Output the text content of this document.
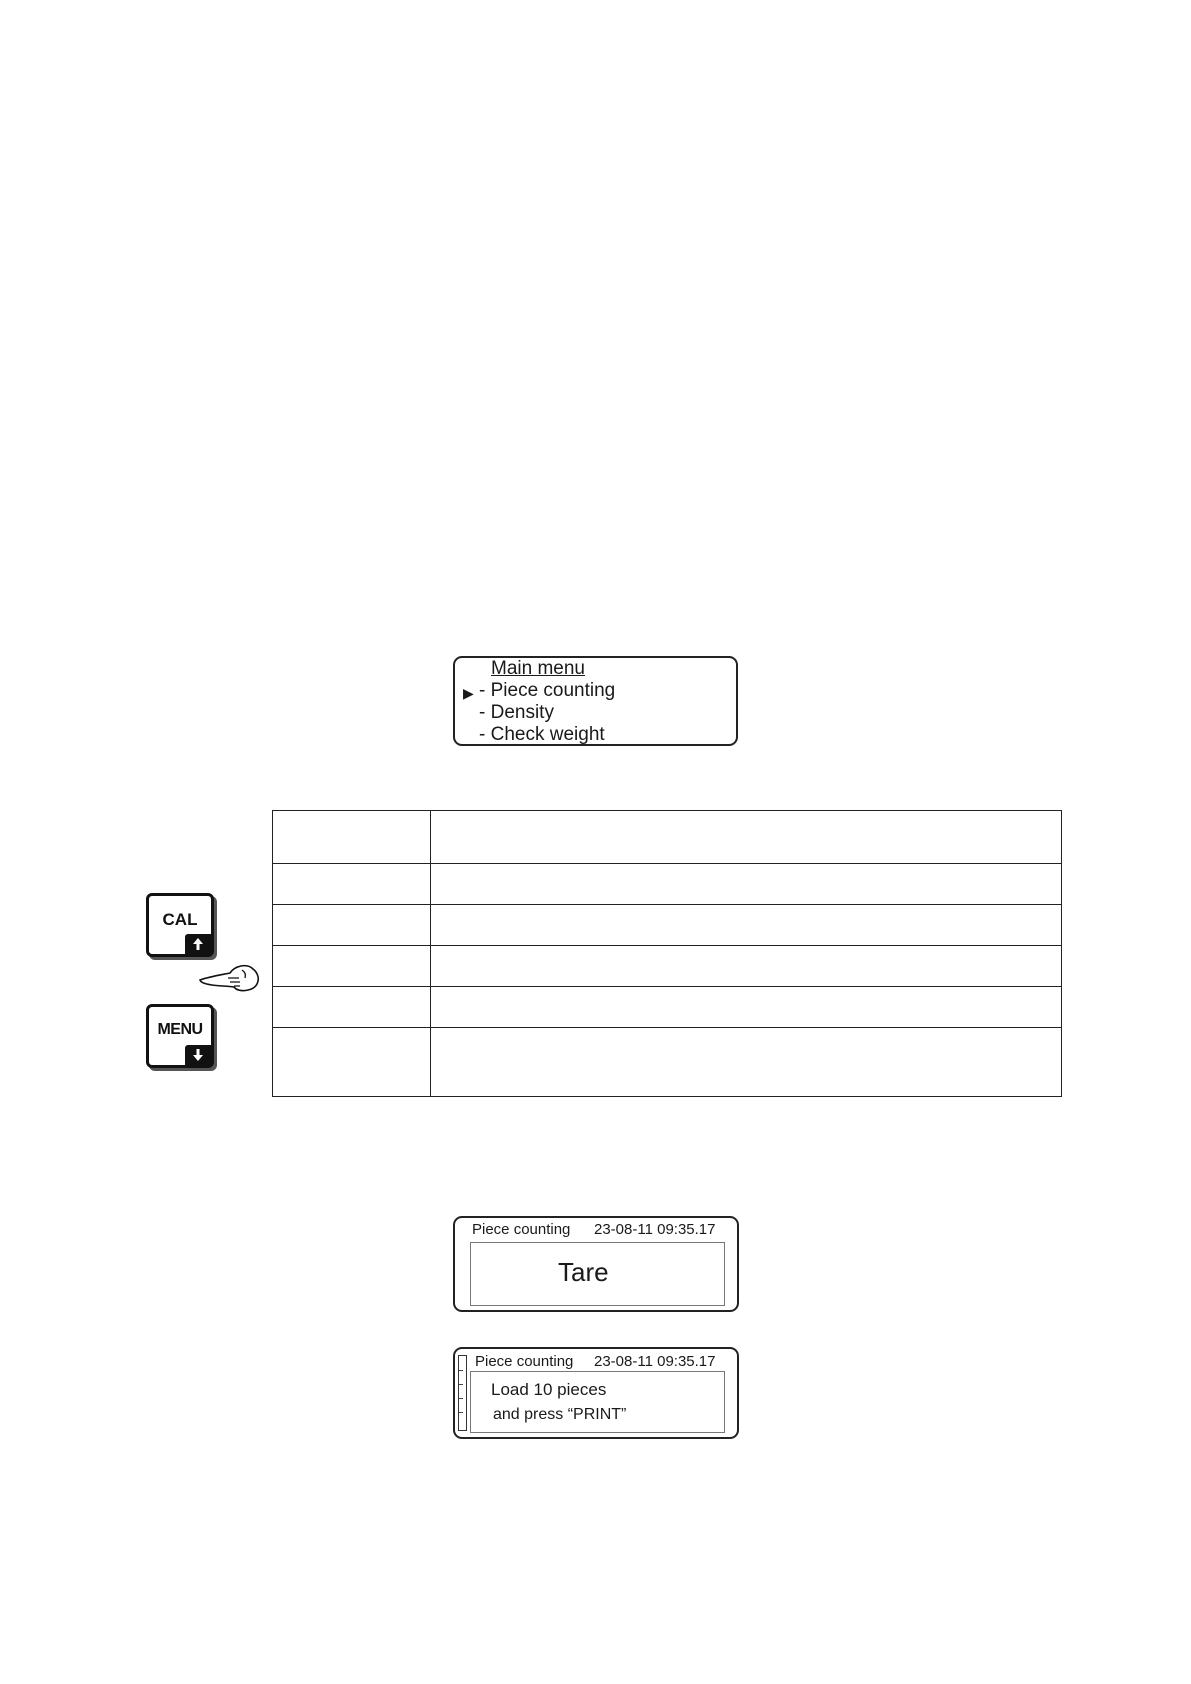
Main menu
▶ - Piece counting
- Density
- Check weight
CAL
MENU

Piece counting 23-08-11 09:35.17
Tare
Piece counting 23-08-11 09:35.17
Load 10 pieces
and press “PRINT”
